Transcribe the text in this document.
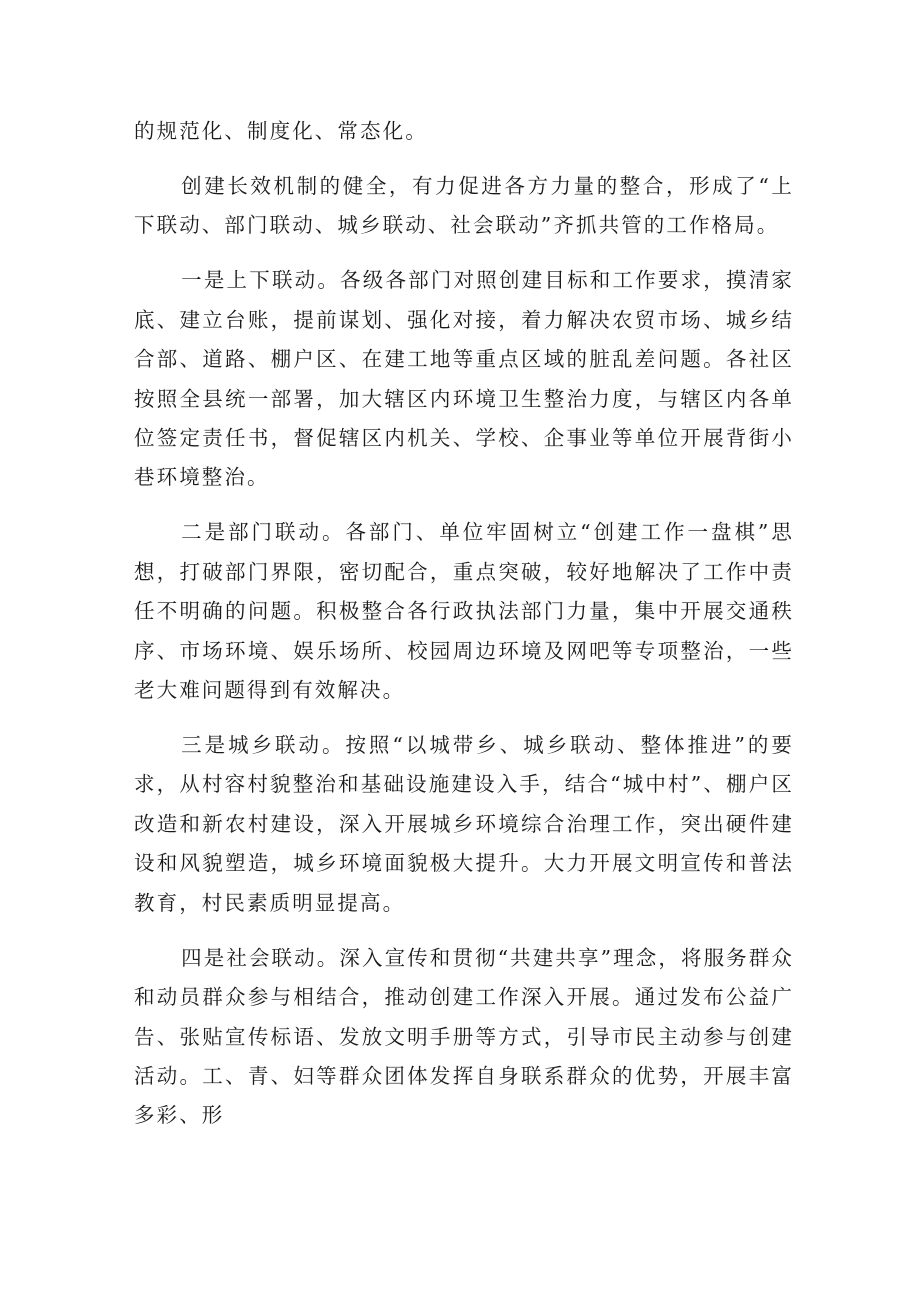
的规范化、制度化、常态化。

创建长效机制的健全，有力促进各方力量的整合，形成了“上下联动、部门联动、城乡联动、社会联动”齐抓共管的工作格局。

一是上下联动。各级各部门对照创建目标和工作要求，摸清家底、建立台账，提前谋划、强化对接，着力解决农贸市场、城乡结合部、道路、棚户区、在建工地等重点区域的脏乱差问题。各社区按照全县统一部署，加大辖区内环境卫生整治力度，与辖区内各单位签定责任书，督促辖区内机关、学校、企事业等单位开展背街小巷环境整治。

二是部门联动。各部门、单位牢固树立“创建工作一盘棋”思想，打破部门界限，密切配合，重点突破，较好地解决了工作中责任不明确的问题。积极整合各行政执法部门力量，集中开展交通秩序、市场环境、娱乐场所、校园周边环境及网吧等专项整治，一些老大难问题得到有效解决。

三是城乡联动。按照“以城带乡、城乡联动、整体推进”的要求，从村容村貌整治和基础设施建设入手，结合“城中村”、棚户区改造和新农村建设，深入开展城乡环境综合治理工作，突出硬件建设和风貌塑造，城乡环境面貌极大提升。大力开展文明宣传和普法教育，村民素质明显提高。

四是社会联动。深入宣传和贯彻“共建共享”理念，将服务群众和动员群众参与相结合，推动创建工作深入开展。通过发布公益广告、张贴宣传标语、发放文明手册等方式，引导市民主动参与创建活动。工、青、妇等群众团体发挥自身联系群众的优势，开展丰富多彩、形
